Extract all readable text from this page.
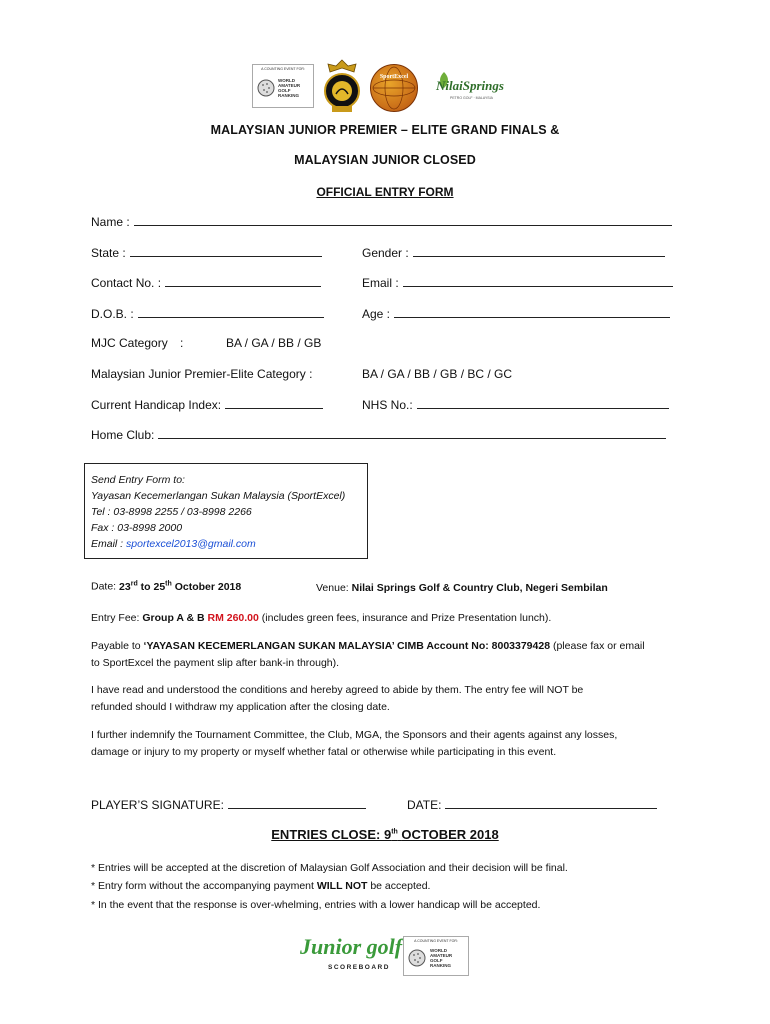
A COUNTING EVENT FOR:
WORLD
AMATEUR
GOLF
RANKING
SportExcel
NilaiSprings
PETRO GOLF · MALAYSIA
MALAYSIAN JUNIOR PREMIER – ELITE GRAND FINALS &
MALAYSIAN JUNIOR CLOSED
OFFICIAL ENTRY FORM
Name :
State :	Gender :
Contact No. :	Email :
D.O.B. :	Age :
MJC Category :	BA / GA / BB / GB
Malaysian Junior Premier-Elite Category :	BA / GA / BB / GB / BC / GC
Current Handicap Index:	NHS No.:
Home Club:
Send Entry Form to:
Yayasan Kecemerlangan Sukan Malaysia (SportExcel)
Tel : 03-8998 2255 / 03-8998 2266
Fax : 03-8998 2000
Email : sportexcel2013@gmail.com
Date: 23rd to 25th October 2018	Venue: Nilai Springs Golf & Country Club, Negeri Sembilan
Entry Fee: Group A & B RM 260.00 (includes green fees, insurance and Prize Presentation lunch).
Payable to ‘YAYASAN KECEMERLANGAN SUKAN MALAYSIA’ CIMB Account No: 8003379428 (please fax or email
to SportExcel the payment slip after bank-in through).
I have read and understood the conditions and hereby agreed to abide by them. The entry fee will NOT be
refunded should I withdraw my application after the closing date.
I further indemnify the Tournament Committee, the Club, MGA, the Sponsors and their agents against any losses,
damage or injury to my property or myself whether fatal or otherwise while participating in this event.
PLAYER’S SIGNATURE:	DATE:
ENTRIES CLOSE: 9th OCTOBER 2018
* Entries will be accepted at the discretion of Malaysian Golf Association and their decision will be final.
* Entry form without the accompanying payment WILL NOT be accepted.
* In the event that the response is over-whelming, entries with a lower handicap will be accepted.
Junior golf
SCOREBOARD
A COUNTING EVENT FOR:
WORLD
AMATEUR
GOLF
RANKING
